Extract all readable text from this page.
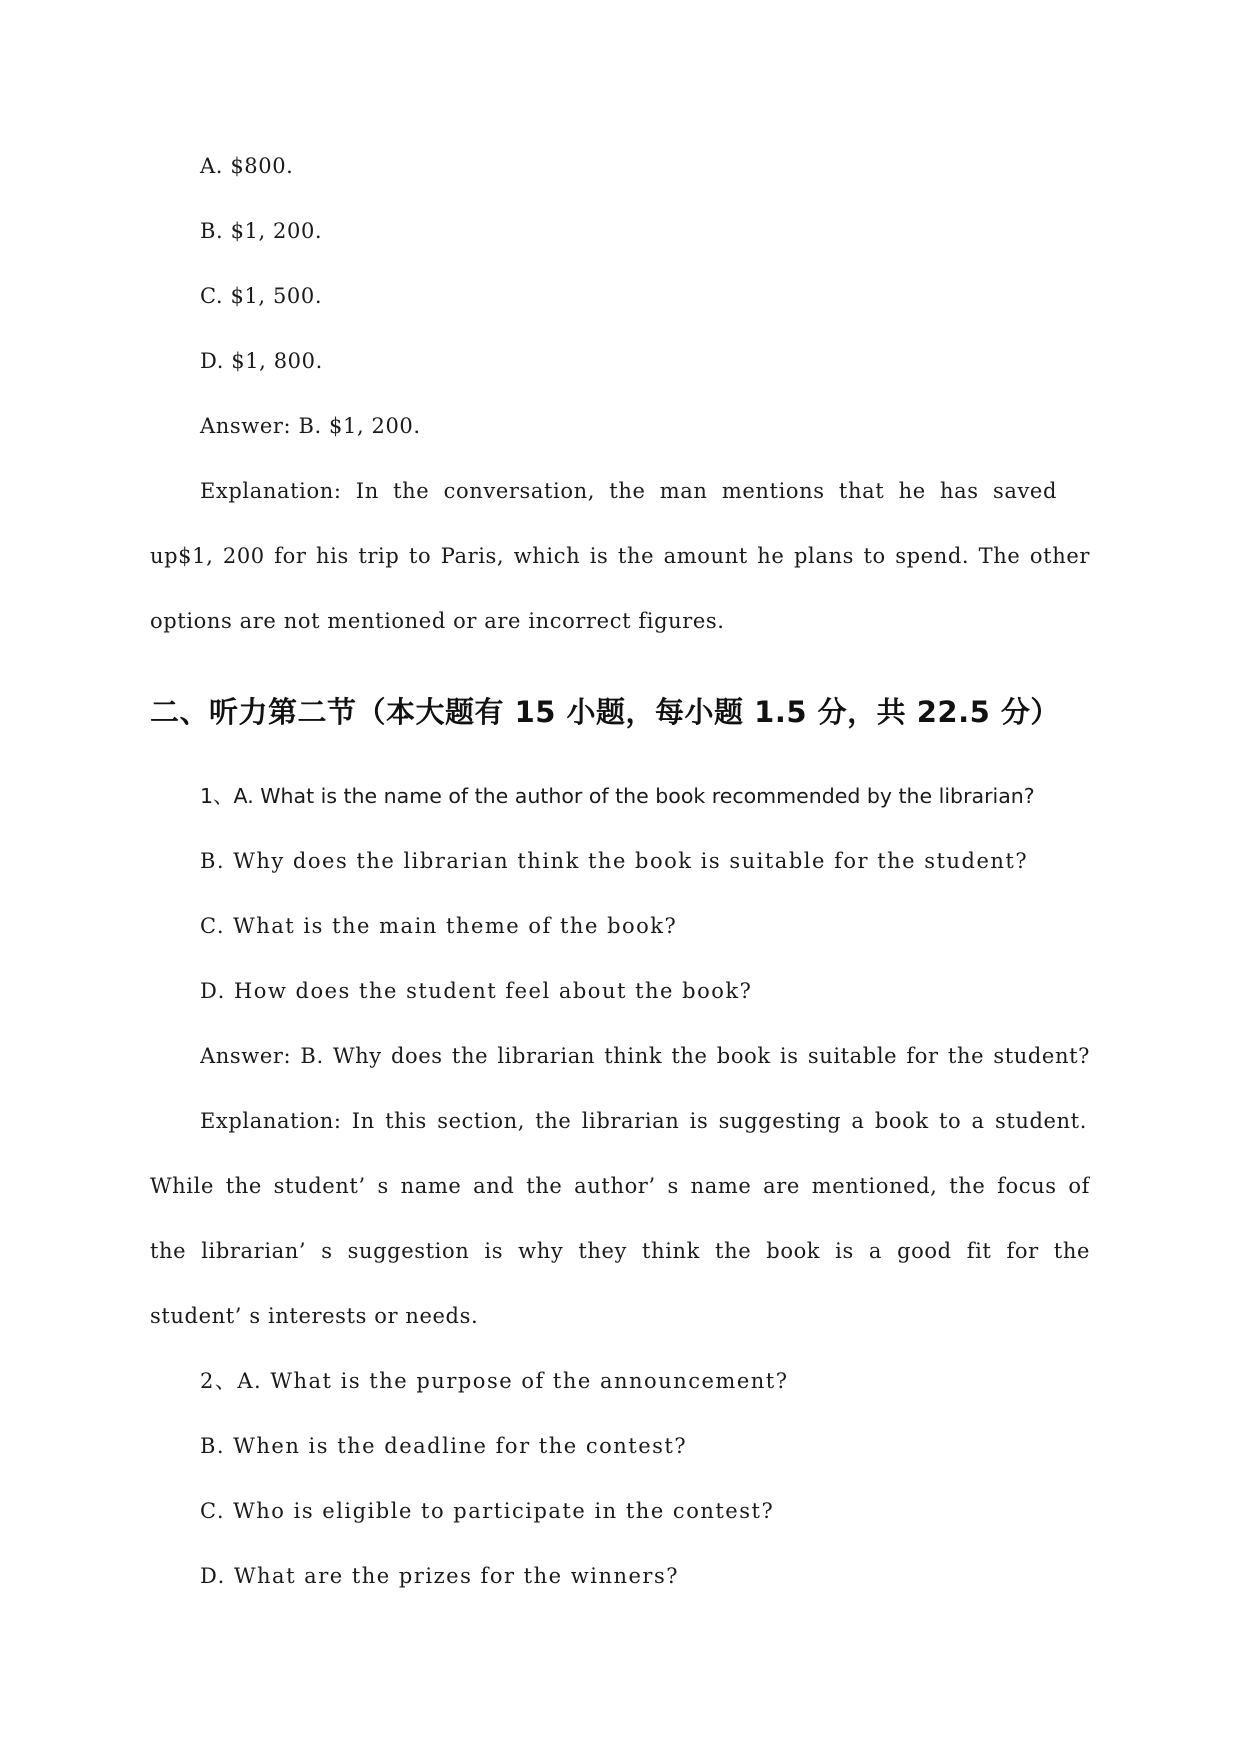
A. $800.
B. $1, 200.
C. $1, 500.
D. $1, 800.
Answer: B. $1, 200.
Explanation: In the conversation, the man mentions that he has saved
up$1, 200 for his trip to Paris, which is the amount he plans to spend. The other
options are not mentioned or are incorrect figures.
二、听力第二节（本大题有 15 小题，每小题 1.5 分，共 22.5 分）
1、A. What is the name of the author of the book recommended by the librarian?
B. Why does the librarian think the book is suitable for the student?
C. What is the main theme of the book?
D. How does the student feel about the book?
Answer: B. Why does the librarian think the book is suitable for the student?
Explanation: In this section, the librarian is suggesting a book to a student.
While the student’ s name and the author’ s name are mentioned, the focus of
the librarian’ s suggestion is why they think the book is a good fit for the
student’ s interests or needs.
2、A. What is the purpose of the announcement?
B. When is the deadline for the contest?
C. Who is eligible to participate in the contest?
D. What are the prizes for the winners?
